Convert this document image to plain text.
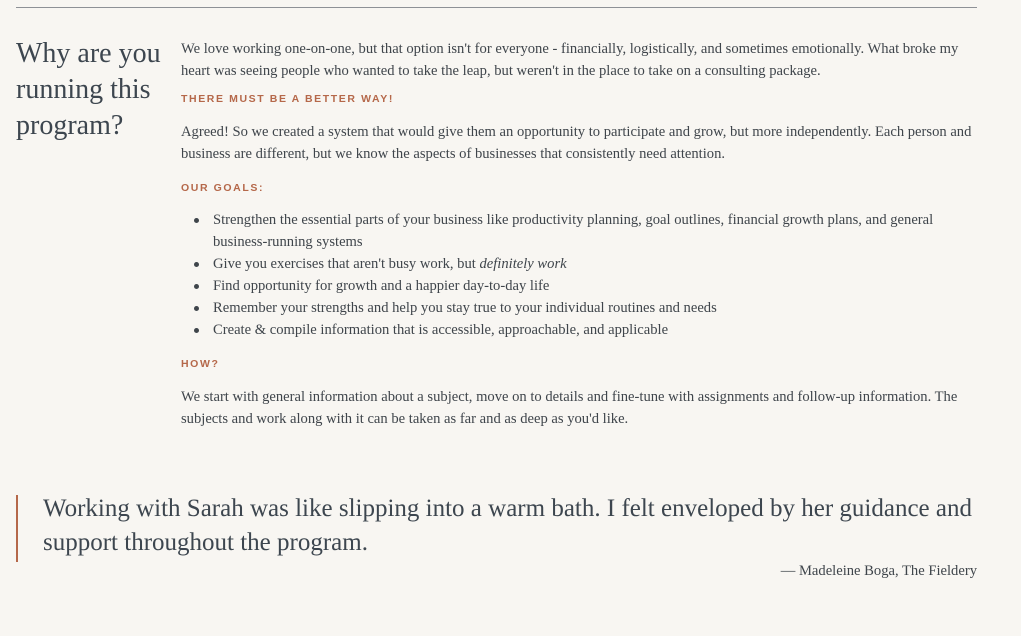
Why are you running this program?

We love working one-on-one, but that option isn't for everyone - financially, logistically, and sometimes emotionally. What broke my heart was seeing people who wanted to take the leap, but weren't in the place to take on a consulting package.

THERE MUST BE A BETTER WAY!

Agreed! So we created a system that would give them an opportunity to participate and grow, but more independently. Each person and business are different, but we know the aspects of businesses that consistently need attention.

OUR GOALS:

Strengthen the essential parts of your business like productivity planning, goal outlines, financial growth plans, and general business-running systems
Give you exercises that aren't busy work, but definitely work
Find opportunity for growth and a happier day-to-day life
Remember your strengths and help you stay true to your individual routines and needs
Create & compile information that is accessible, approachable, and applicable

HOW?

We start with general information about a subject, move on to details and fine-tune with assignments and follow-up information. The subjects and work along with it can be taken as far and as deep as you'd like.

Working with Sarah was like slipping into a warm bath. I felt enveloped by her guidance and support throughout the program.

— Madeleine Boga, The Fieldery
